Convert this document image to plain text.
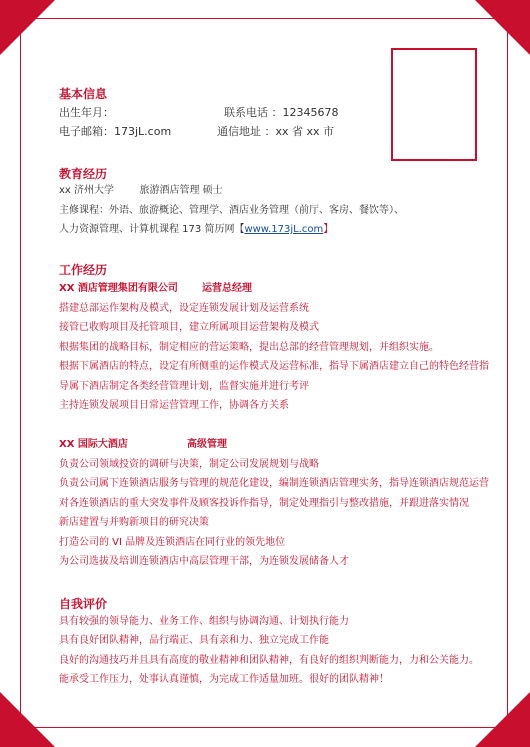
基本信息
出生年月：	联系电话 ：12345678
电子邮箱：173jL.com	通信地址 ：xx 省 xx 市
教育经历
xx 济州大学        旅游酒店管理 硕士
主修课程：外语、旅游概论、管理学、酒店业务管理（前厅、客房、餐饮等）、
人力资源管理、计算机课程 173 简历网【www.173jL.com】
工作经历
XX 酒店管理集团有限公司 运营总经理
搭建总部运作架构及模式，设定连锁发展计划及运营系统
接管已收购项目及托管项目，建立所属项目运营架构及模式
根据集团的战略目标，制定相应的营运策略，提出总部的经营管理规划，并组织实施。
根据下属酒店的特点，设定有所侧重的运作模式及运营标准，指导下属酒店建立自己的特色经营指
导属下酒店制定各类经营管理计划，监督实施并进行考评
主持连锁发展项目日常运营管理工作，协调各方关系
XX 国际大酒店	高级管理
负责公司领域投资的调研与决策，制定公司发展规划与战略
负责公司属下连锁酒店服务与管理的规范化建设，编制连锁酒店管理实务，指导连锁酒店规范运营
对各连锁酒店的重大突发事件及顾客投诉作指导，制定处理指引与整改措施，并跟进落实情况
新店建置与并购新项目的研究决策
打造公司的 VI 品牌及连锁酒店在同行业的领先地位
为公司选拔及培训连锁酒店中高层管理干部，为连锁发展储备人才
自我评价
具有较强的领导能力、业务工作、组织与协调沟通、计划执行能力
具有良好团队精神，品行端正、具有亲和力、独立完成工作能
良好的沟通技巧并且具有高度的敬业精神和团队精神，有良好的组织判断能力，力和公关能力。
能承受工作压力，处事认真谨慎，为完成工作适量加班。很好的团队精神！
